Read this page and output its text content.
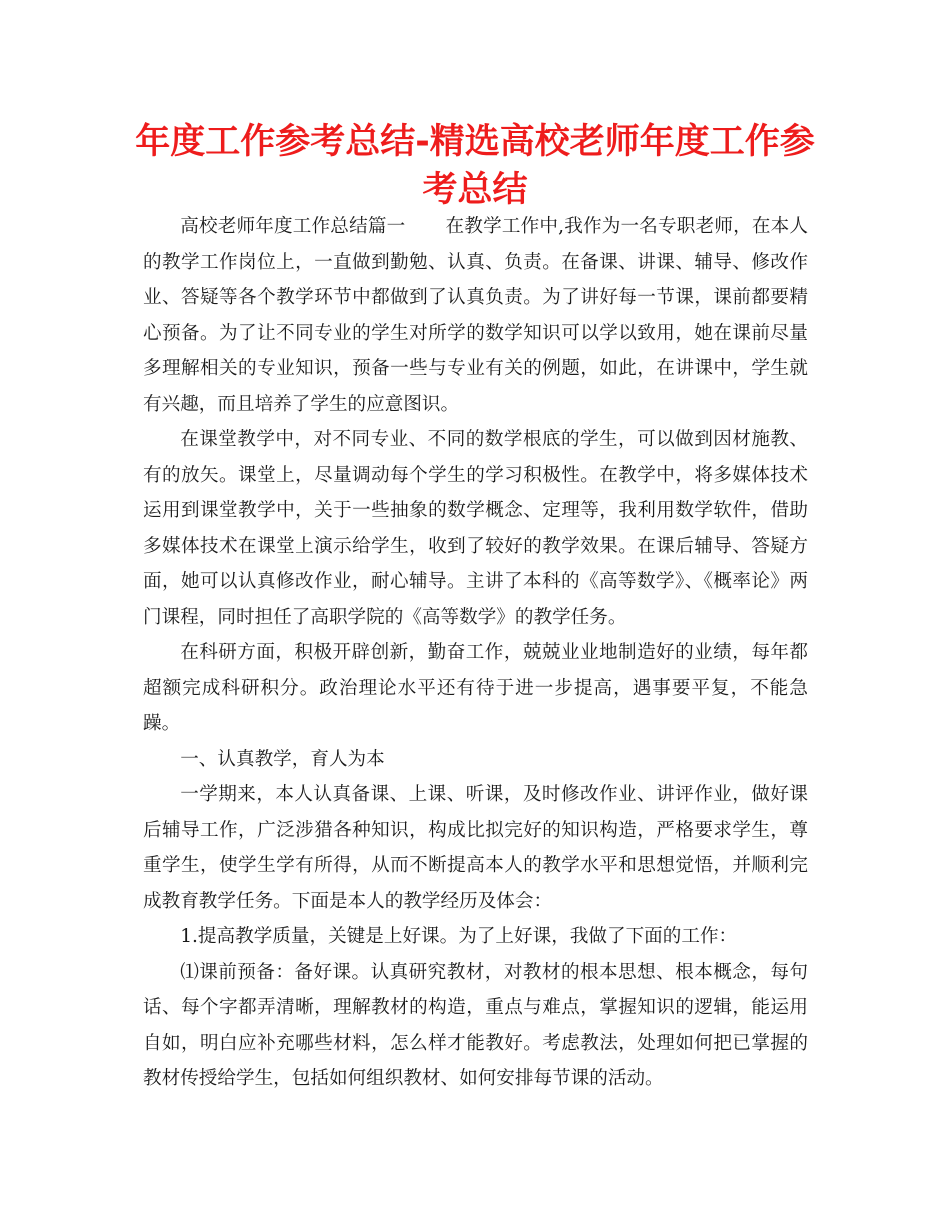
年度工作参考总结-精选高校老师年度工作参考总结

高校老师年度工作总结篇一 在教学工作中,我作为一名专职老师，在本人的教学工作岗位上，一直做到勤勉、认真、负责。在备课、讲课、辅导、修改作业、答疑等各个教学环节中都做到了认真负责。为了讲好每一节课，课前都要精心预备。为了让不同专业的学生对所学的数学知识可以学以致用，她在课前尽量多理解相关的专业知识，预备一些与专业有关的例题，如此，在讲课中，学生就有兴趣，而且培养了学生的应意图识。

在课堂教学中，对不同专业、不同的数学根底的学生，可以做到因材施教、有的放矢。课堂上，尽量调动每个学生的学习积极性。在教学中，将多媒体技术运用到课堂教学中，关于一些抽象的数学概念、定理等，我利用数学软件，借助多媒体技术在课堂上演示给学生，收到了较好的教学效果。在课后辅导、答疑方面，她可以认真修改作业，耐心辅导。主讲了本科的《高等数学》、《概率论》两门课程，同时担任了高职学院的《高等数学》的教学任务。

在科研方面，积极开辟创新，勤奋工作，兢兢业业地制造好的业绩，每年都超额完成科研积分。政治理论水平还有待于进一步提高，遇事要平复，不能急躁。

一、认真教学，育人为本

一学期来，本人认真备课、上课、听课，及时修改作业、讲评作业，做好课后辅导工作，广泛涉猎各种知识，构成比拟完好的知识构造，严格要求学生，尊重学生，使学生学有所得，从而不断提高本人的教学水平和思想觉悟，并顺利完成教育教学任务。下面是本人的教学经历及体会：

1.提高教学质量，关键是上好课。为了上好课，我做了下面的工作：

⑴课前预备：备好课。认真研究教材，对教材的根本思想、根本概念，每句话、每个字都弄清晰，理解教材的构造，重点与难点，掌握知识的逻辑，能运用自如，明白应补充哪些材料，怎么样才能教好。考虑教法，处理如何把已掌握的教材传授给学生，包括如何组织教材、如何安排每节课的活动。
